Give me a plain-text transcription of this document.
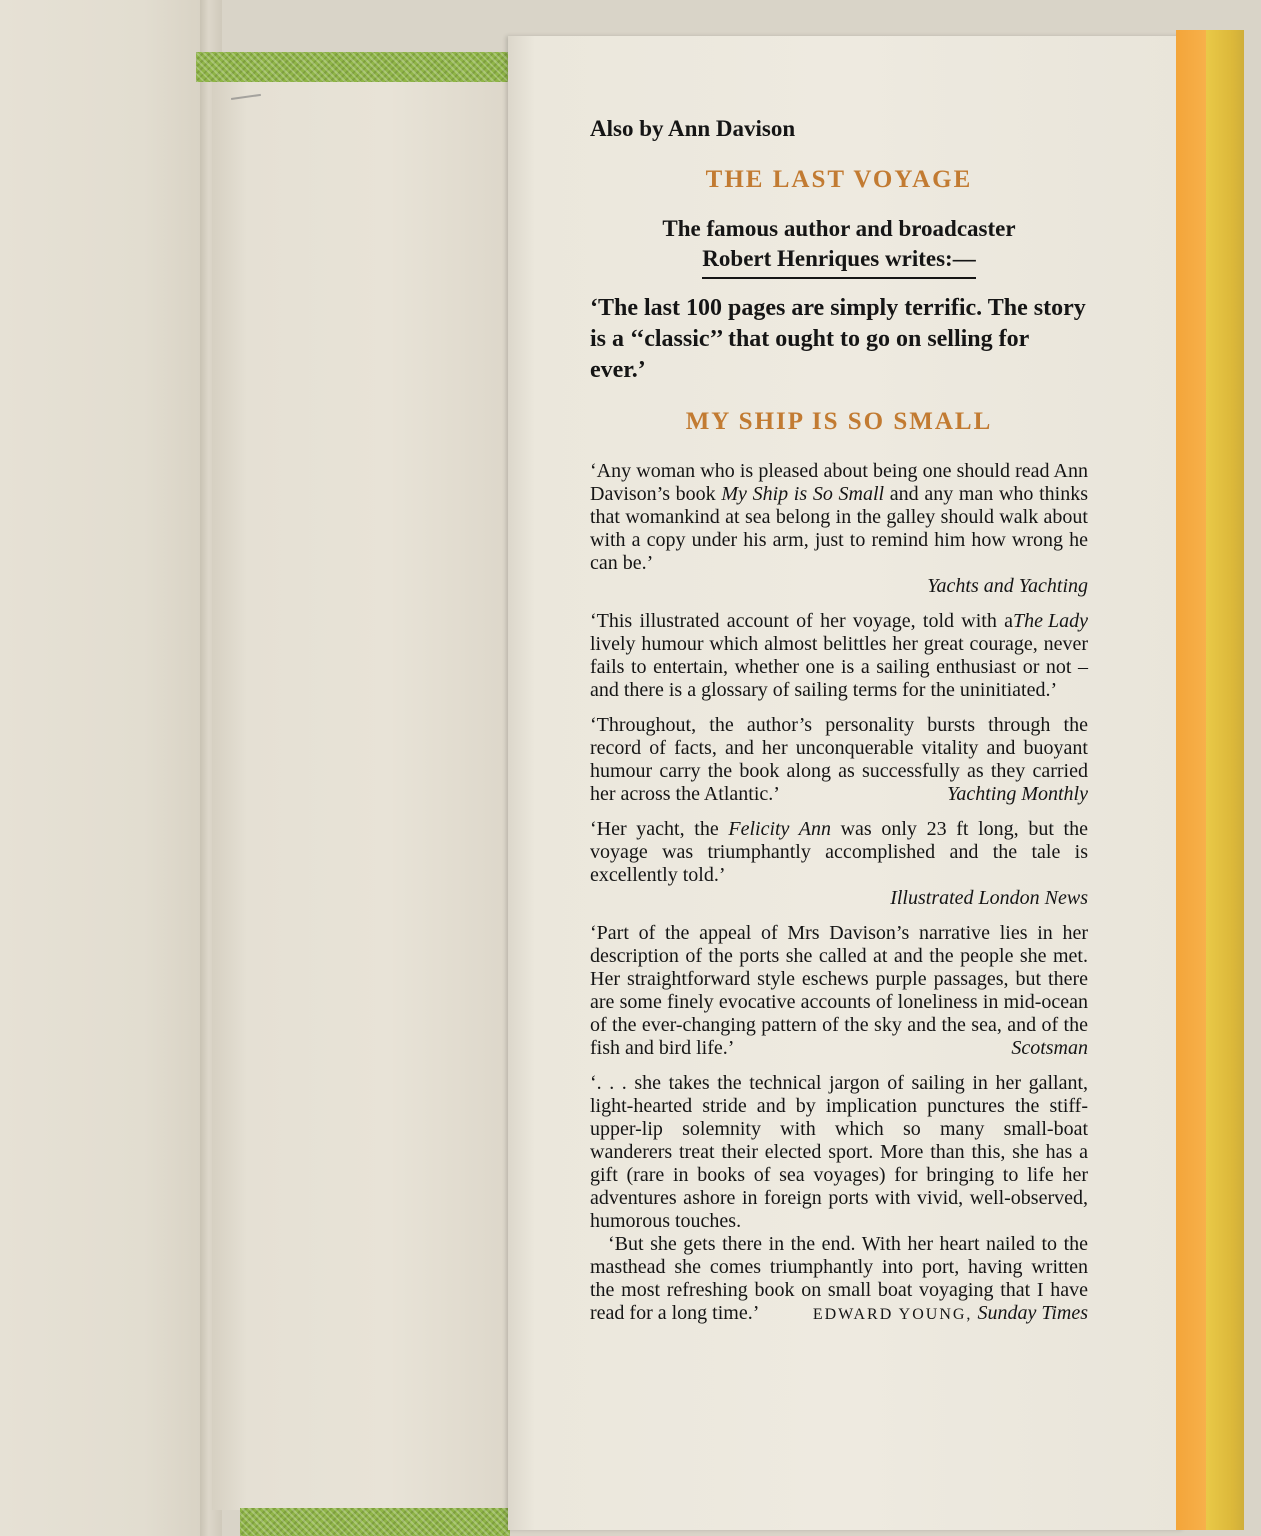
Also by Ann Davison

THE LAST VOYAGE

The famous author and broadcaster
Robert Henriques writes:—

‘The last 100 pages are simply terrific. The story is a ‘‘classic’’ that ought to go on selling for ever.’

MY SHIP IS SO SMALL

‘Any woman who is pleased about being one should read Ann Davison’s book My Ship is So Small and any man who thinks that womankind at sea belong in the galley should walk about with a copy under his arm, just to remind him how wrong he can be.’
Yachts and Yachting

The Lady
‘This illustrated account of her voyage, told with a lively humour which almost belittles her great courage, never fails to entertain, whether one is a sailing enthusiast or not – and there is a glossary of sailing terms for the uninitiated.’

‘Throughout, the author’s personality bursts through the record of facts, and her unconquerable vitality and buoyant humour carry the book along as successfully as they carried her across the Atlantic.’	Yachting Monthly

‘Her yacht, the Felicity Ann was only 23 ft long, but the voyage was triumphantly accomplished and the tale is excellently told.’
Illustrated London News

‘Part of the appeal of Mrs Davison’s narrative lies in her description of the ports she called at and the people she met. Her straightforward style eschews purple passages, but there are some finely evocative accounts of loneliness in mid-ocean of the ever-changing pattern of the sky and the sea, and of the fish and bird life.’	Scotsman

‘. . . she takes the technical jargon of sailing in her gallant, light-hearted stride and by implication punctures the stiff-upper-lip solemnity with which so many small-boat wanderers treat their elected sport. More than this, she has a gift (rare in books of sea voyages) for bringing to life her adventures ashore in foreign ports with vivid, well-observed, humorous touches.

‘But she gets there in the end. With her heart nailed to the masthead she comes triumphantly into port, having written the most refreshing book on small boat voyaging that I have read for a long time.’	EDWARD YOUNG, Sunday Times
